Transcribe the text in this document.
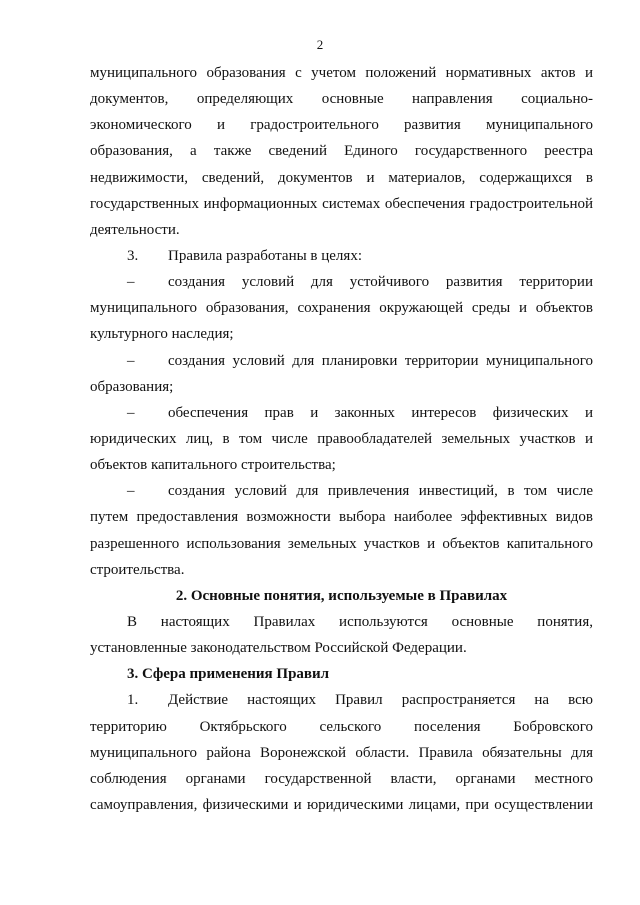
2
муниципального образования с учетом положений нормативных актов и
документов, определяющих основные направления социально-
экономического и градостроительного развития муниципального
образования, а также сведений Единого государственного реестра
недвижимости, сведений, документов и материалов, содержащихся в
государственных информационных системах обеспечения градостроительной
деятельности.
3. Правила разработаны в целях:
– создания условий для устойчивого развития территории
муниципального образования, сохранения окружающей среды и объектов
культурного наследия;
– создания условий для планировки территории муниципального
образования;
– обеспечения прав и законных интересов физических и
юридических лиц, в том числе правообладателей земельных участков и
объектов капитального строительства;
– создания условий для привлечения инвестиций, в том числе
путем предоставления возможности выбора наиболее эффективных видов
разрешенного использования земельных участков и объектов капитального
строительства.
2. Основные понятия, используемые в Правилах
В настоящих Правилах используются основные понятия,
установленные законодательством Российской Федерации.
3. Сфера применения Правил
1. Действие настоящих Правил распространяется на всю
территорию Октябрьского сельского поселения Бобровского
муниципального района Воронежской области. Правила обязательны для
соблюдения органами государственной власти, органами местного
самоуправления, физическими и юридическими лицами, при осуществлении
